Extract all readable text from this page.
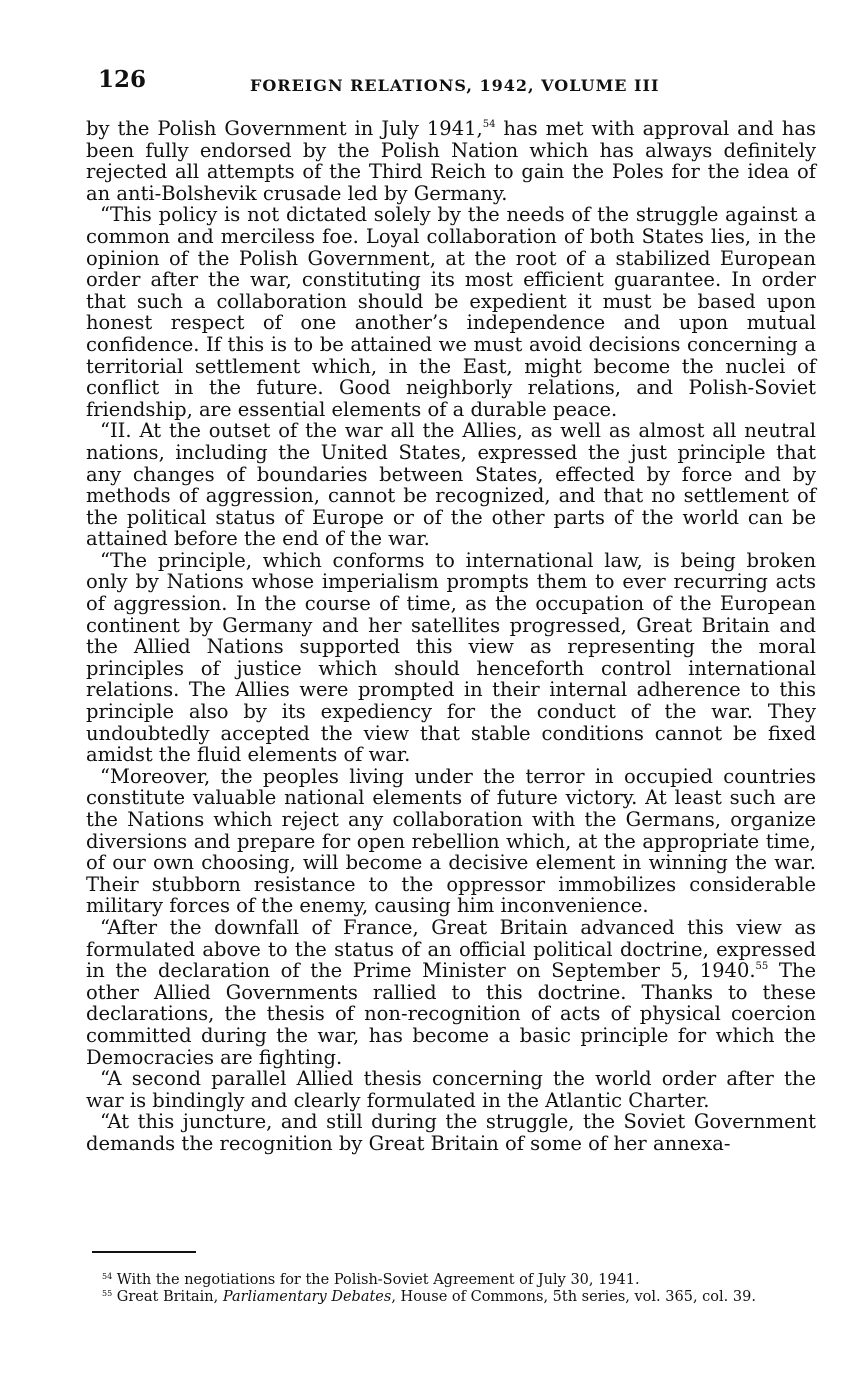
126	FOREIGN RELATIONS, 1942, VOLUME III

by the Polish Government in July 1941,54 has met with approval and has been fully endorsed by the Polish Nation which has always definitely rejected all attempts of the Third Reich to gain the Poles for the idea of an anti-Bolshevik crusade led by Germany.

“This policy is not dictated solely by the needs of the struggle against a common and merciless foe. Loyal collaboration of both States lies, in the opinion of the Polish Government, at the root of a stabilized European order after the war, constituting its most efficient guarantee. In order that such a collaboration should be expedient it must be based upon honest respect of one another’s independence and upon mutual confidence. If this is to be attained we must avoid decisions concerning a territorial settlement which, in the East, might become the nuclei of conflict in the future. Good neighborly relations, and Polish-Soviet friendship, are essential elements of a durable peace.

“II. At the outset of the war all the Allies, as well as almost all neutral nations, including the United States, expressed the just principle that any changes of boundaries between States, effected by force and by methods of aggression, cannot be recognized, and that no settlement of the political status of Europe or of the other parts of the world can be attained before the end of the war.

“The principle, which conforms to international law, is being broken only by Nations whose imperialism prompts them to ever recurring acts of aggression. In the course of time, as the occupation of the European continent by Germany and her satellites progressed, Great Britain and the Allied Nations supported this view as representing the moral principles of justice which should henceforth control international relations. The Allies were prompted in their internal adherence to this principle also by its expediency for the conduct of the war. They undoubtedly accepted the view that stable conditions cannot be fixed amidst the fluid elements of war.

“Moreover, the peoples living under the terror in occupied countries constitute valuable national elements of future victory. At least such are the Nations which reject any collaboration with the Germans, organize diversions and prepare for open rebellion which, at the appropriate time, of our own choosing, will become a decisive element in winning the war. Their stubborn resistance to the oppressor immobilizes considerable military forces of the enemy, causing him inconvenience.

“After the downfall of France, Great Britain advanced this view as formulated above to the status of an official political doctrine, expressed in the declaration of the Prime Minister on September 5, 1940.55 The other Allied Governments rallied to this doctrine. Thanks to these declarations, the thesis of non-recognition of acts of physical coercion committed during the war, has become a basic principle for which the Democracies are fighting.

“A second parallel Allied thesis concerning the world order after the war is bindingly and clearly formulated in the Atlantic Charter.

“At this juncture, and still during the struggle, the Soviet Government demands the recognition by Great Britain of some of her annexa-

$^{54}$ With the negotiations for the Polish-Soviet Agreement of July 30, 1941.

$^{55}$ Great Britain, Parliamentary Debates, House of Commons, 5th series, vol. 365, col. 39.
